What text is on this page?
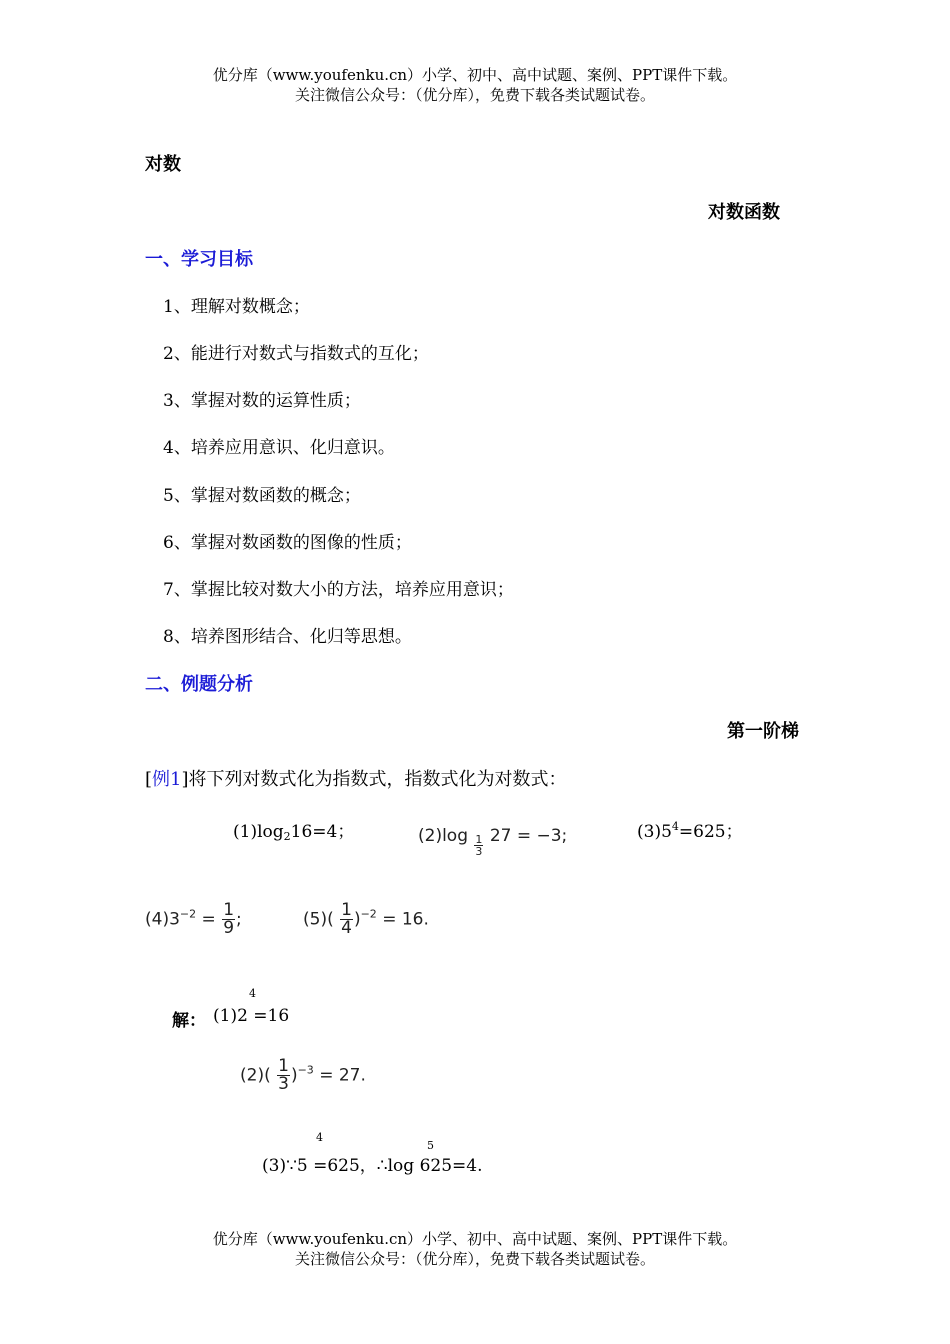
优分库（www.youfenku.cn）小学、初中、高中试题、案例、PPT课件下载。
关注微信公众号：（优分库），免费下载各类试题试卷。
对数
对数函数
一、学习目标
1、理解对数概念；
2、能进行对数式与指数式的互化；
3、掌握对数的运算性质；
4、培养应用意识、化归意识。
5、掌握对数函数的概念；
6、掌握对数函数的图像的性质；
7、掌握比较对数大小的方法，培养应用意识；
8、培养图形结合、化归等思想。
二、例题分析
第一阶梯
[例1]将下列对数式化为指数式，指数式化为对数式：
$(1)\log_216=4$；	$(2)\log \frac{1}{3} 27 = -3$;	$(3)5^4=625$；
$(4)3^{-2} = \frac{1}{9}$ ;	$(5)( \frac{1}{4} )^{-2} = 16$.
4
解： (1)2 =16
$(2)( \frac{1}{3} )^{-3} = 27$.
4
5
(3)∵5 =625，∴log 625=4.
优分库（www.youfenku.cn）小学、初中、高中试题、案例、PPT课件下载。
关注微信公众号：（优分库），免费下载各类试题试卷。
